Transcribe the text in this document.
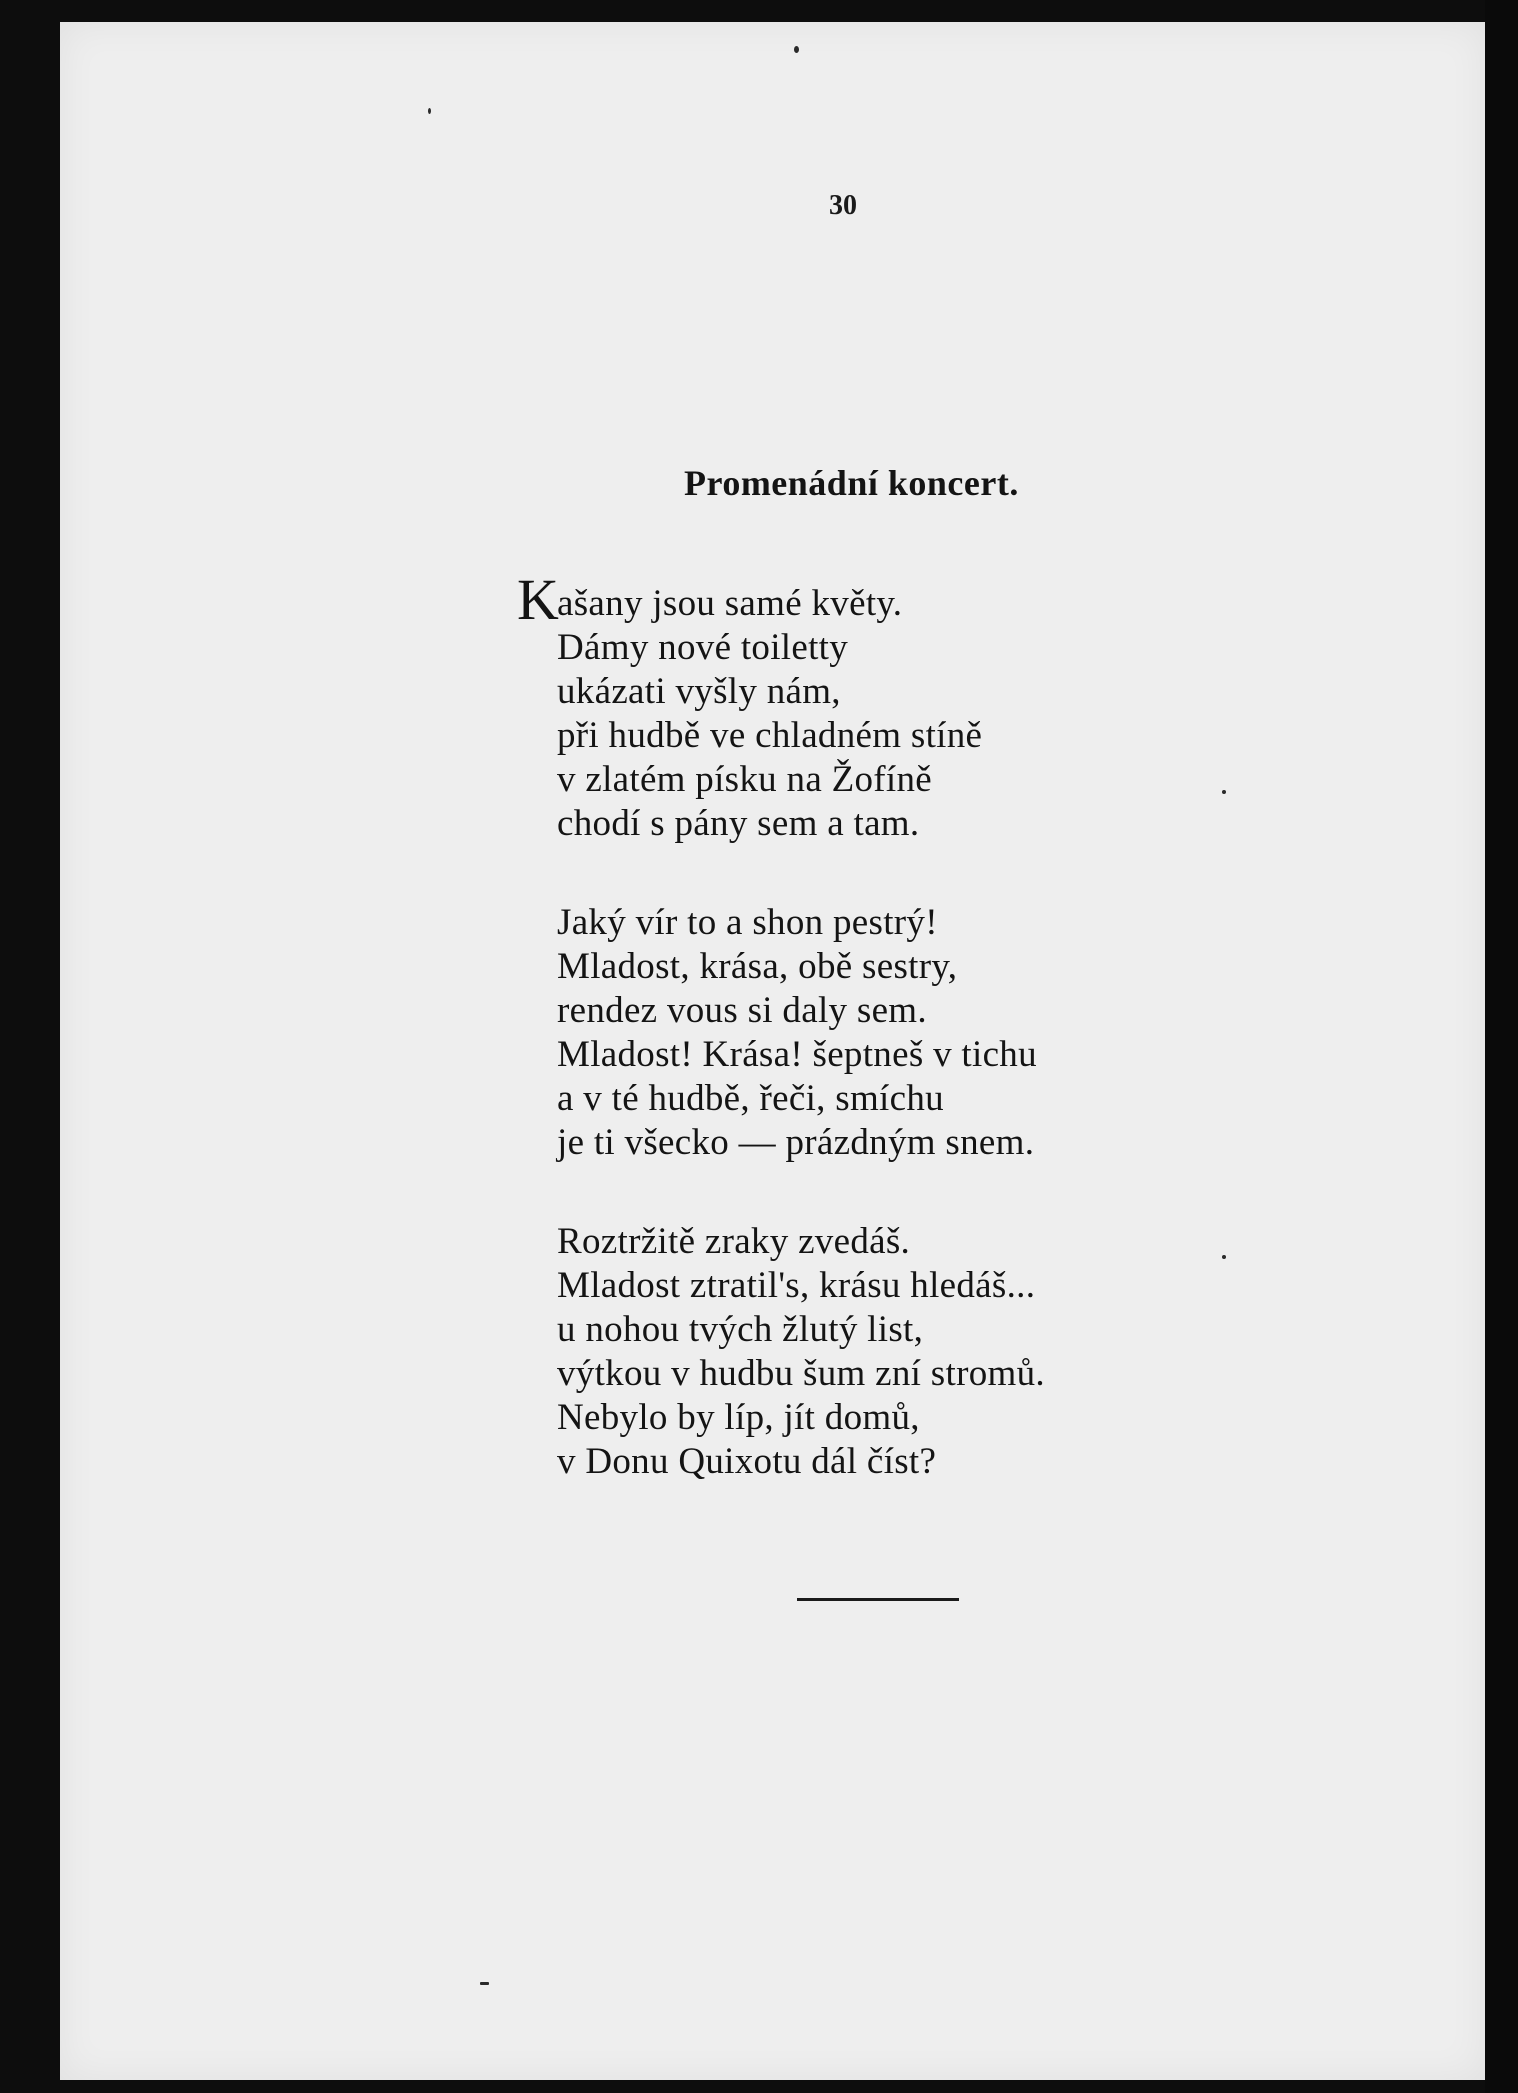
30
Promenádní koncert.
K
ašany jsou samé květy.
Dámy nové toiletty
ukázati vyšly nám,
při hudbě ve chladném stíně
v zlatém písku na Žofíně
chodí s pány sem a tam.
Jaký vír to a shon pestrý!
Mladost, krása, obě sestry,
rendez vous si daly sem.
Mladost! Krása! šeptneš v tichu
a v té hudbě, řeči, smíchu
je ti všecko — prázdným snem.
Roztržitě zraky zvedáš.
Mladost ztratil's, krásu hledáš...
u nohou tvých žlutý list,
výtkou v hudbu šum zní stromů.
Nebylo by líp, jít domů,
v Donu Quixotu dál číst?
